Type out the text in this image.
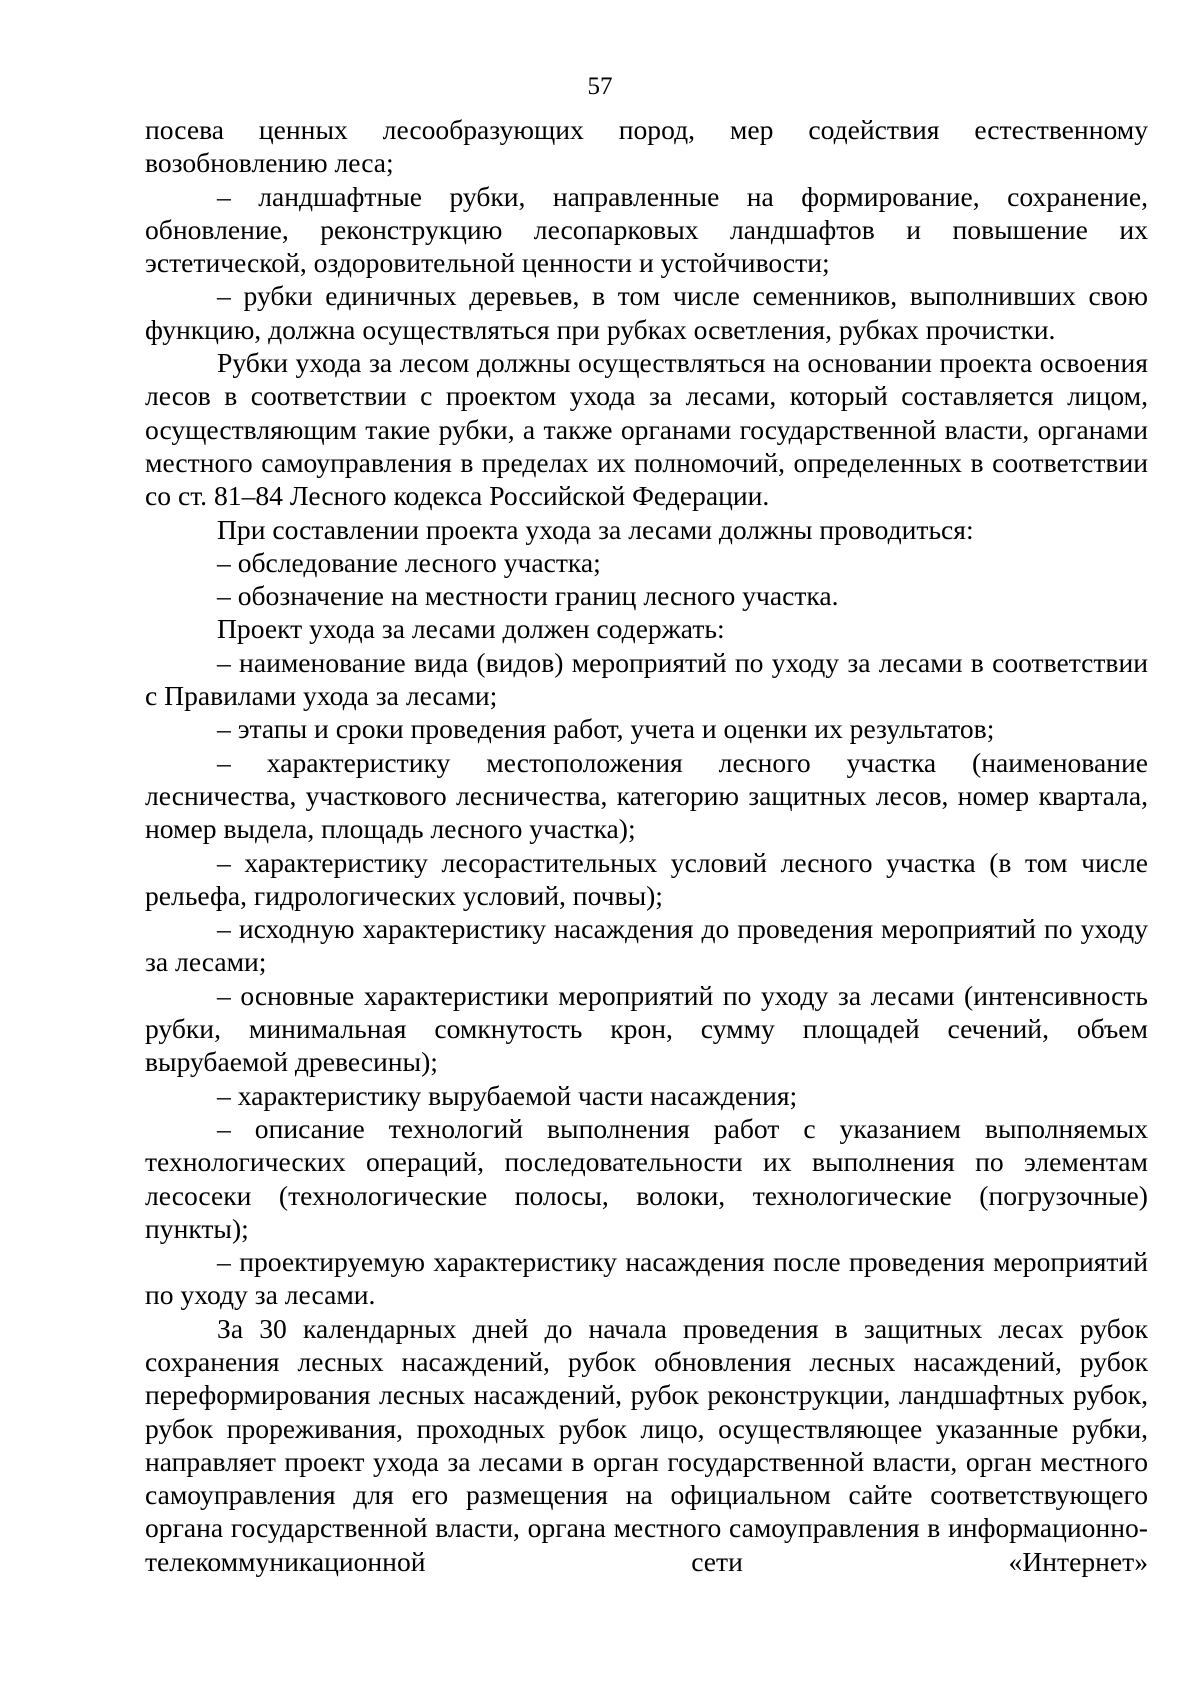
57

посева ценных лесообразующих пород, мер содействия естественному возобновлению леса;

– ландшафтные рубки, направленные на формирование, сохранение, обновление, реконструкцию лесопарковых ландшафтов и повышение их эстетической, оздоровительной ценности и устойчивости;

– рубки единичных деревьев, в том числе семенников, выполнивших свою функцию, должна осуществляться при рубках осветления, рубках прочистки.

Рубки ухода за лесом должны осуществляться на основании проекта освоения лесов в соответствии с проектом ухода за лесами, который составляется лицом, осуществляющим такие рубки, а также органами государственной власти, органами местного самоуправления в пределах их полномочий, определенных в соответствии со ст. 81–84 Лесного кодекса Российской Федерации.

При составлении проекта ухода за лесами должны проводиться:

– обследование лесного участка;

– обозначение на местности границ лесного участка.

Проект ухода за лесами должен содержать:

– наименование вида (видов) мероприятий по уходу за лесами в соответствии с Правилами ухода за лесами;

– этапы и сроки проведения работ, учета и оценки их результатов;

– характеристику местоположения лесного участка (наименование лесничества, участкового лесничества, категорию защитных лесов, номер квартала, номер выдела, площадь лесного участка);

– характеристику лесорастительных условий лесного участка (в том числе рельефа, гидрологических условий, почвы);

– исходную характеристику насаждения до проведения мероприятий по уходу за лесами;

– основные характеристики мероприятий по уходу за лесами (интенсивность рубки, минимальная сомкнутость крон, сумму площадей сечений, объем вырубаемой древесины);

– характеристику вырубаемой части насаждения;

– описание технологий выполнения работ с указанием выполняемых технологических операций, последовательности их выполнения по элементам лесосеки (технологические полосы, волоки, технологические (погрузочные) пункты);

– проектируемую характеристику насаждения после проведения мероприятий по уходу за лесами.

За 30 календарных дней до начала проведения в защитных лесах рубок сохранения лесных насаждений, рубок обновления лесных насаждений, рубок переформирования лесных насаждений, рубок реконструкции, ландшафтных рубок, рубок прореживания, проходных рубок лицо, осуществляющее указанные рубки, направляет проект ухода за лесами в орган государственной власти, орган местного самоуправления для его размещения на официальном сайте соответствующего органа государственной власти, органа местного самоуправления в информационно-телекоммуникационной сети «Интернет»
